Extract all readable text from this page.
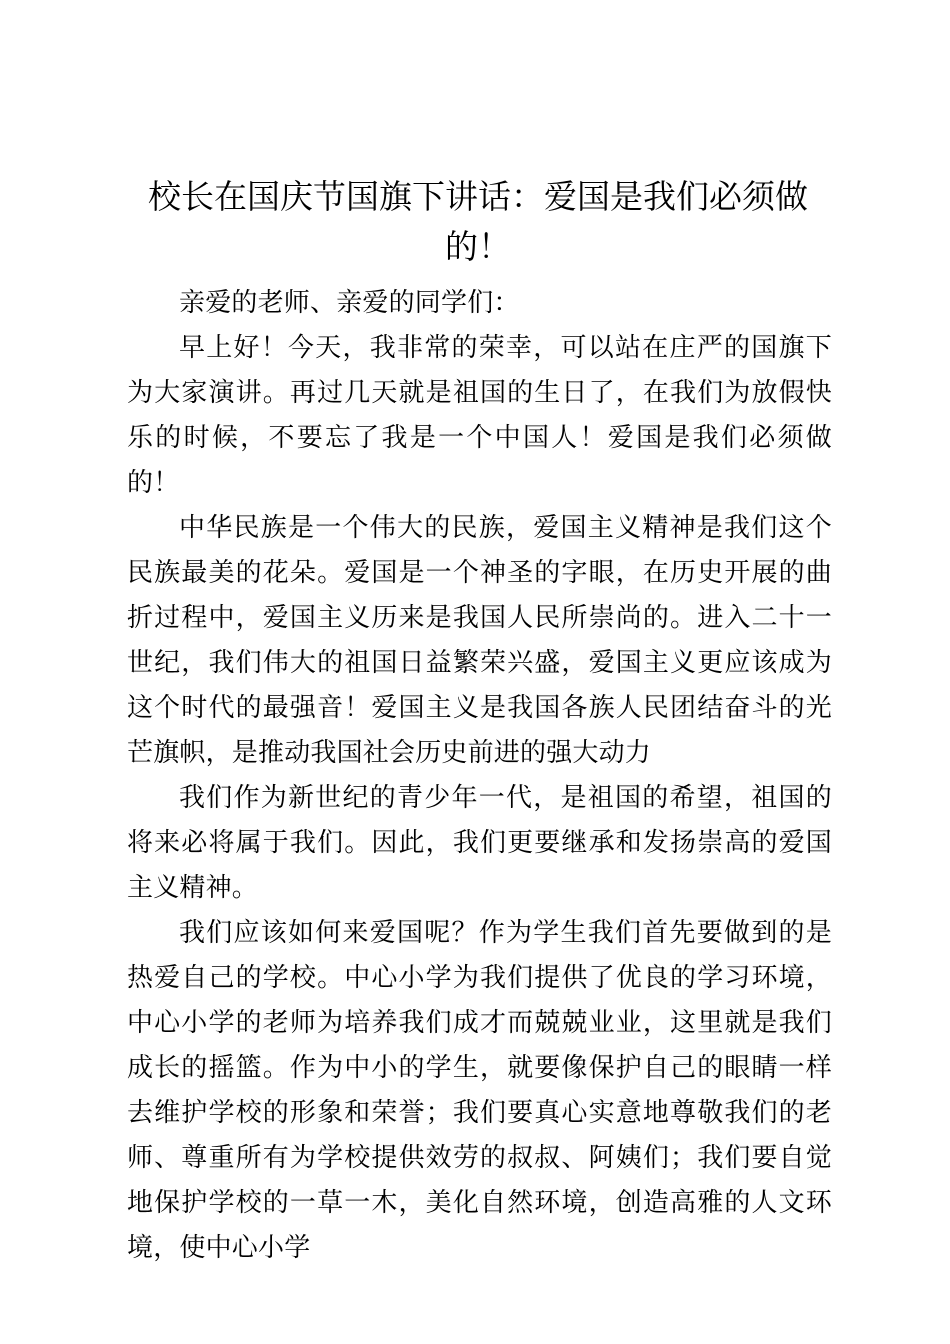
校长在国庆节国旗下讲话：爱国是我们必须做的！

亲爱的老师、亲爱的同学们：

早上好！今天，我非常的荣幸，可以站在庄严的国旗下为大家演讲。再过几天就是祖国的生日了，在我们为放假快乐的时候，不要忘了我是一个中国人！爱国是我们必须做的！

中华民族是一个伟大的民族，爱国主义精神是我们这个民族最美的花朵。爱国是一个神圣的字眼，在历史开展的曲折过程中，爱国主义历来是我国人民所崇尚的。进入二十一世纪，我们伟大的祖国日益繁荣兴盛，爱国主义更应该成为这个时代的最强音！爱国主义是我国各族人民团结奋斗的光芒旗帜，是推动我国社会历史前进的强大动力

我们作为新世纪的青少年一代，是祖国的希望，祖国的将来必将属于我们。因此，我们更要继承和发扬崇高的爱国主义精神。

我们应该如何来爱国呢？作为学生我们首先要做到的是热爱自己的学校。中心小学为我们提供了优良的学习环境，中心小学的老师为培养我们成才而兢兢业业，这里就是我们成长的摇篮。作为中小的学生，就要像保护自己的眼睛一样去维护学校的形象和荣誉；我们要真心实意地尊敬我们的老师、尊重所有为学校提供效劳的叔叔、阿姨们；我们要自觉地保护学校的一草一木，美化自然环境，创造高雅的人文环境，使中心小学
